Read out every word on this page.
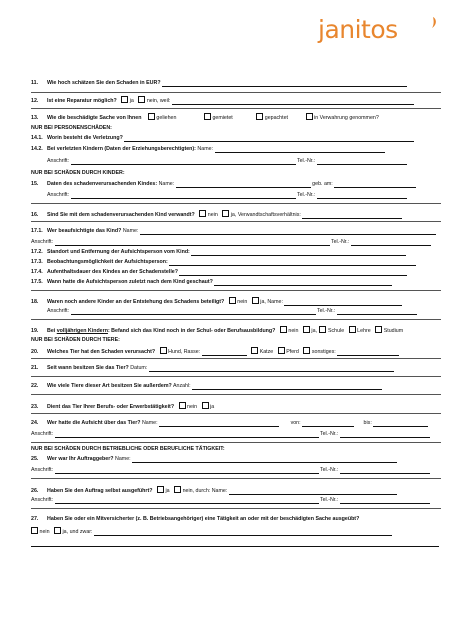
janitos
11. Wie hoch schätzen Sie den Schaden in EUR?
12. Ist eine Reparatur möglich? ja nein, weil:
13. Wie die beschädigte Sache von Ihnen	geliehen	gemietet	gepachtet	in Verwahrung genommen?
NUR BEI PERSONENSCHÄDEN:
14.1. Worin besteht die Verletzung?
14.2. Bei verletzten Kindern (Daten der Erziehungsberechtigten): Name:
Anschrift:	Tel.-Nr.:
NUR BEI SCHÄDEN DURCH KINDER:
15. Daten des schadenverursachenden Kindes: Name:	geb. am:
Anschrift:	Tel.-Nr.:
16. Sind Sie mit dem schadenverursachenden Kind verwandt? nein ja, Verwandtschaftsverhältnis:
17.1. Wer beaufsichtigte das Kind? Name:
Anschrift:	Tel.-Nr.:
17.2. Standort und Entfernung der Aufsichtsperson vom Kind:
17.3. Beobachtungsmöglichkeit der Aufsichtsperson:
17.4. Aufenthaltsdauer des Kindes an der Schadenstelle?
17.5. Wann hatte die Aufsichtsperson zuletzt nach dem Kind geschaut?
18. Waren noch andere Kinder an der Entstehung des Schadens beteiligt? nein ja, Name:
Anschrift:	Tel.-Nr.:
19. Bei volljährigen Kindern: Befand sich das Kind noch in der Schul- oder Berufsausbildung? nein ja, Schule Lehre Studium
NUR BEI SCHÄDEN DURCH TIERE:
20. Welches Tier hat den Schaden verursacht? Hund, Rasse:	Katze Pferd sonstiges:
21. Seit wann besitzen Sie das Tier? Datum:
22. Wie viele Tiere dieser Art besitzen Sie außerdem? Anzahl:
23. Dient das Tier Ihrer Berufs- oder Erwerbstätigkeit? nein ja
24. Wer hatte die Aufsicht über das Tier? Name:	von:	bis:
Anschrift:	Tel.-Nr.:
NUR BEI SCHÄDEN DURCH BETRIEBLICHE ODER BERUFLICHE TÄTIGKEIT:
25. Wer war Ihr Auftraggeber? Name:
Anschrift:	Tel.-Nr.:
26. Haben Sie den Auftrag selbst ausgeführt? ja nein, durch: Name:
Anschrift:	Tel.-Nr.:
27. Haben Sie oder ein Mitversicherter (z. B. Betriebsangehöriger) eine Tätigkeit an oder mit der beschädigten Sache ausgeübt?
nein ja, und zwar:
